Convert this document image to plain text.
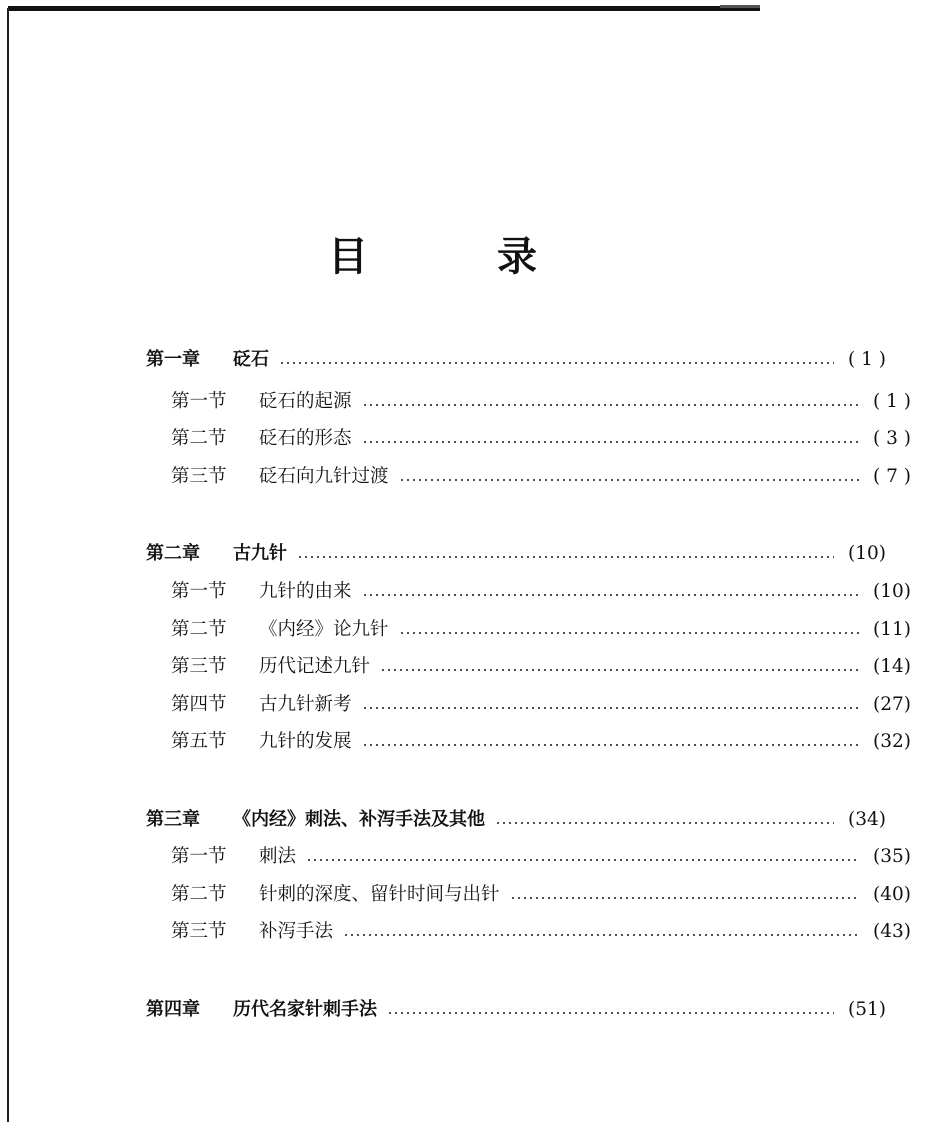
目	录
第一章	砭石	( 1 )
第一节	砭石的起源	( 1 )
第二节	砭石的形态	( 3 )
第三节	砭石向九针过渡	( 7 )
第二章	古九针	(10)
第一节	九针的由来	(10)
第二节	《内经》论九针	(11)
第三节	历代记述九针	(14)
第四节	古九针新考	(27)
第五节	九针的发展	(32)
第三章	《内经》刺法、补泻手法及其他	(34)
第一节	刺法	(35)
第二节	针刺的深度、留针时间与出针	(40)
第三节	补泻手法	(43)
第四章	历代名家针刺手法	(51)
